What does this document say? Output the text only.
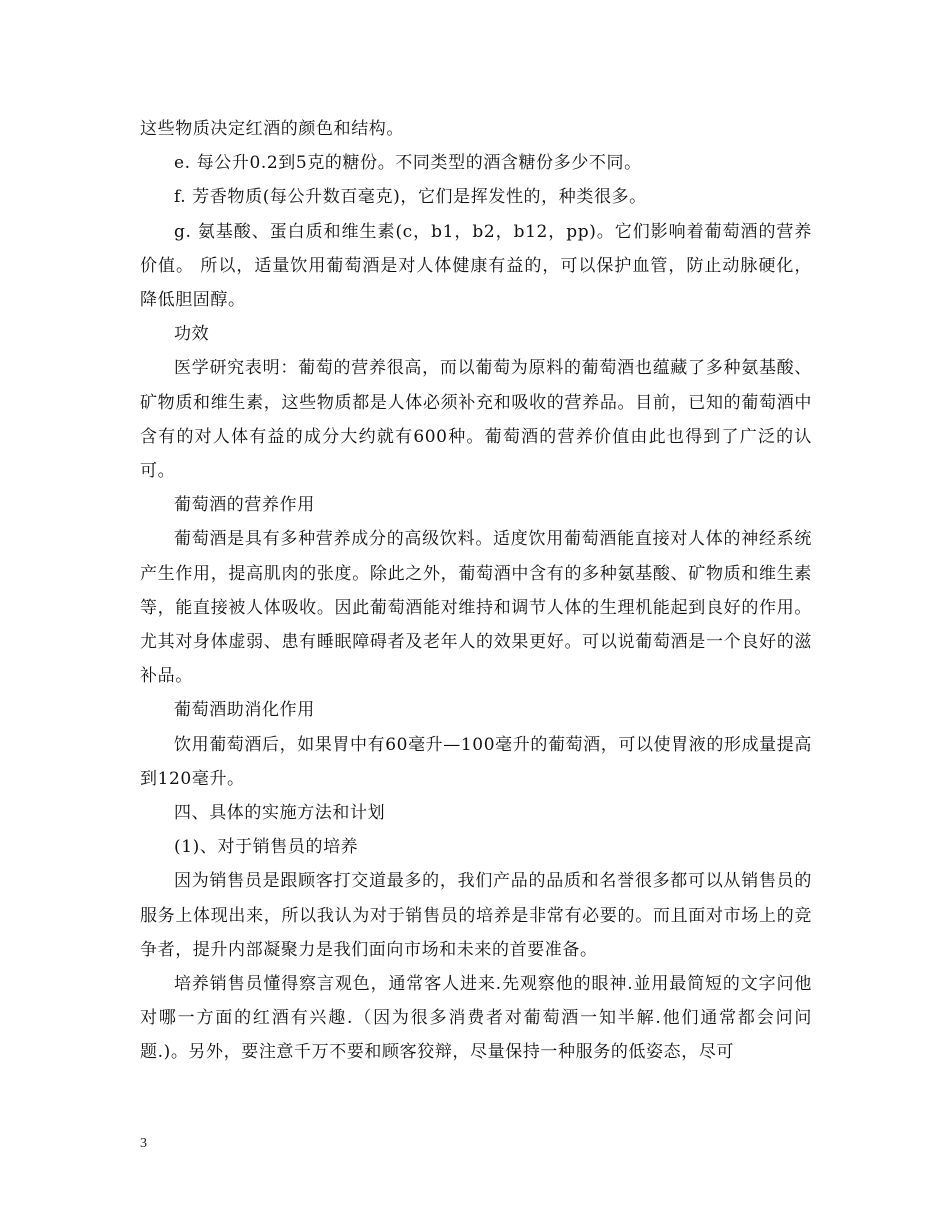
这些物质决定红酒的颜色和结构。

e. 每公升0.2到5克的糖份。不同类型的酒含糖份多少不同。

f. 芳香物质(每公升数百毫克)，它们是挥发性的，种类很多。

g. 氨基酸、蛋白质和维生素(c，b1，b2，b12，pp)。它们影响着葡萄酒的营养价值。 所以，适量饮用葡萄酒是对人体健康有益的，可以保护血管，防止动脉硬化，降低胆固醇。

功效

医学研究表明：葡萄的营养很高，而以葡萄为原料的葡萄酒也蕴藏了多种氨基酸、矿物质和维生素，这些物质都是人体必须补充和吸收的营养品。目前，已知的葡萄酒中含有的对人体有益的成分大约就有600种。葡萄酒的营养价值由此也得到了广泛的认可。

葡萄酒的营养作用

葡萄酒是具有多种营养成分的高级饮料。适度饮用葡萄酒能直接对人体的神经系统产生作用，提高肌肉的张度。除此之外，葡萄酒中含有的多种氨基酸、矿物质和维生素等，能直接被人体吸收。因此葡萄酒能对维持和调节人体的生理机能起到良好的作用。尤其对身体虚弱、患有睡眠障碍者及老年人的效果更好。可以说葡萄酒是一个良好的滋补品。

葡萄酒助消化作用

饮用葡萄酒后，如果胃中有60毫升—100毫升的葡萄酒，可以使胃液的形成量提高到120毫升。

四、具体的实施方法和计划

(1)、对于销售员的培养

因为销售员是跟顾客打交道最多的，我们产品的品质和名誉很多都可以从销售员的服务上体现出来，所以我认为对于销售员的培养是非常有必要的。而且面对市场上的竞争者，提升内部凝聚力是我们面向市场和未来的首要准备。

培养销售员懂得察言观色，通常客人进来.先观察他的眼神.並用最简短的文字问他对哪一方面的红酒有兴趣.（因为很多消费者对葡萄酒一知半解.他们通常都会问问题.)。另外，要注意千万不要和顾客狡辩，尽量保持一种服务的低姿态，尽可

3
